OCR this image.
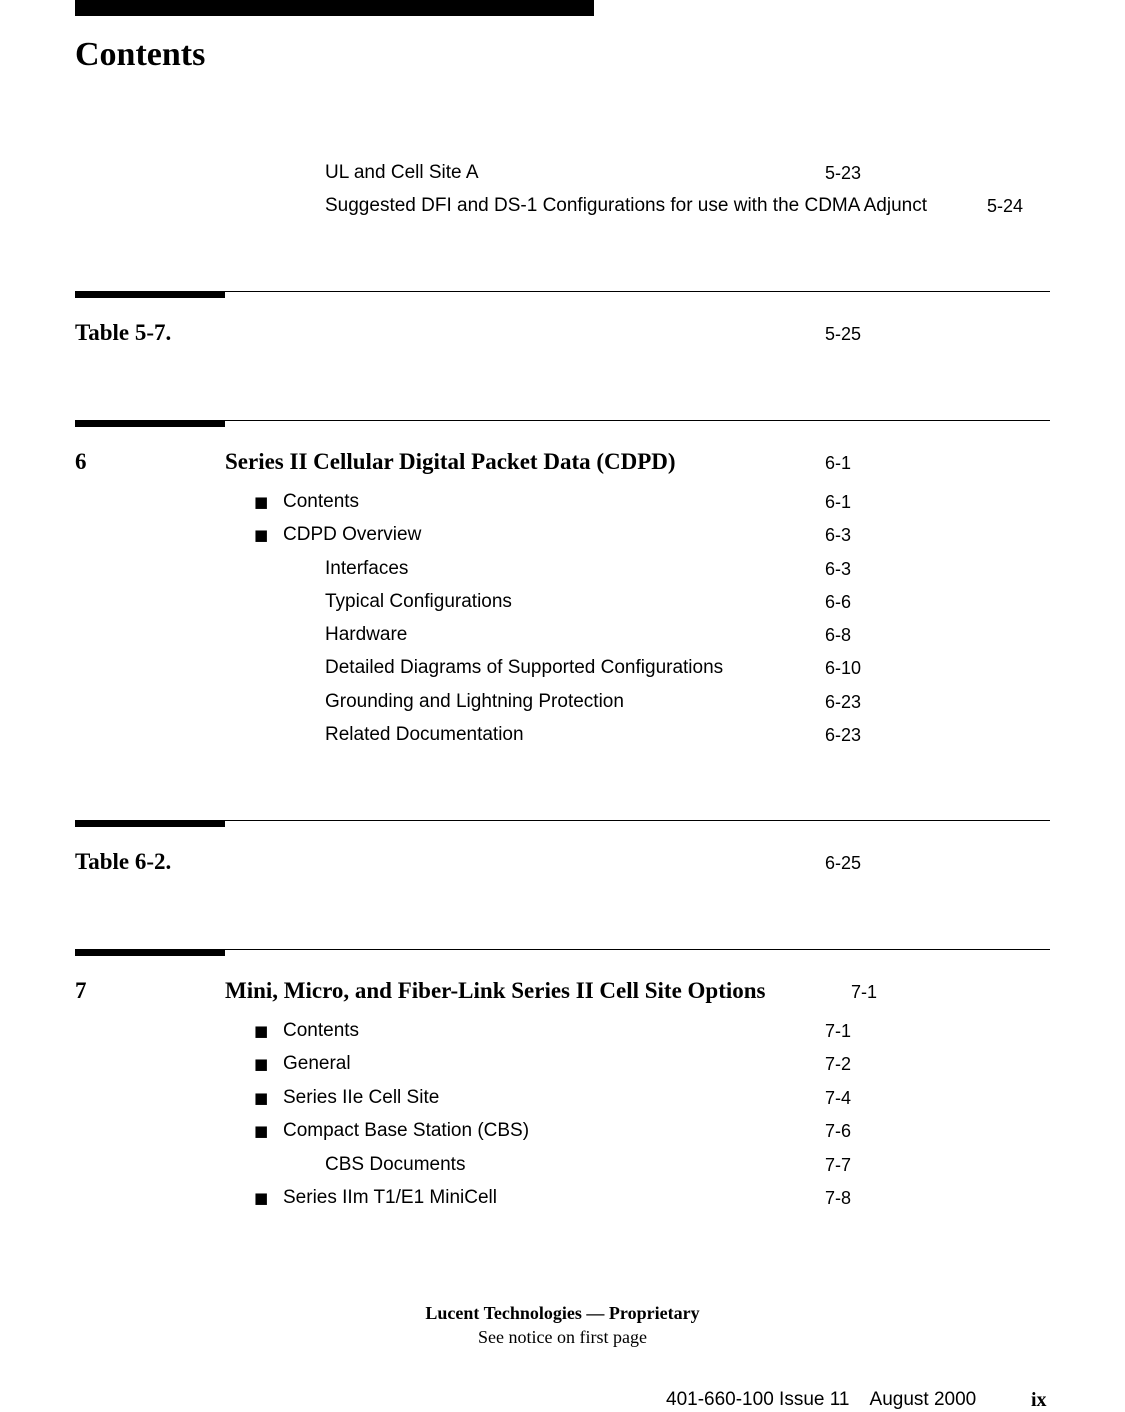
Contents
UL and Cell Site A	5-23
Suggested DFI and DS-1 Configurations for use with the CDMA Adjunct	5-24
Table 5-7.	5-25
6	Series II Cellular Digital Packet Data (CDPD)	6-1
■ Contents	6-1
■ CDPD Overview	6-3
Interfaces	6-3
Typical Configurations	6-6
Hardware	6-8
Detailed Diagrams of Supported Configurations	6-10
Grounding and Lightning Protection	6-23
Related Documentation	6-23
Table 6-2.	6-25
7	Mini, Micro, and Fiber-Link Series II Cell Site Options	7-1
■ Contents	7-1
■ General	7-2
■ Series IIe Cell Site	7-4
■ Compact Base Station (CBS)	7-6
CBS Documents	7-7
■ Series IIm T1/E1 MiniCell	7-8
Lucent Technologies — Proprietary
See notice on first page
401-660-100 Issue 11    August 2000	ix
